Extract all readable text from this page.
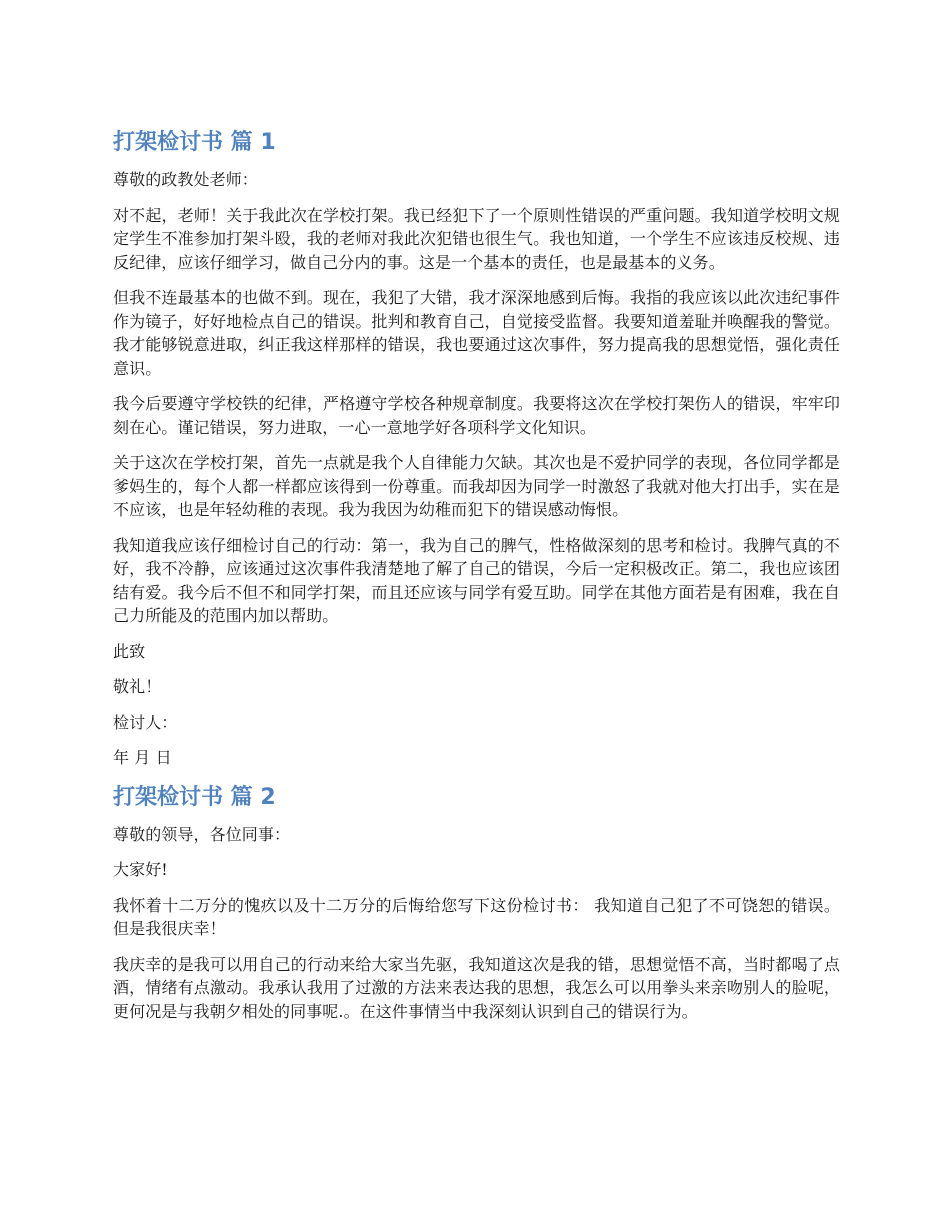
打架检讨书 篇 1

尊敬的政教处老师：

对不起，老师！关于我此次在学校打架。我已经犯下了一个原则性错误的严重问题。我知道学校明文规定学生不准参加打架斗殴，我的老师对我此次犯错也很生气。我也知道，一个学生不应该违反校规、违反纪律，应该仔细学习，做自己分内的事。这是一个基本的责任，也是最基本的义务。

但我不连最基本的也做不到。现在，我犯了大错，我才深深地感到后悔。我指的我应该以此次违纪事件作为镜子，好好地检点自己的错误。批判和教育自己，自觉接受监督。我要知道羞耻并唤醒我的警觉。我才能够锐意进取，纠正我这样那样的错误，我也要通过这次事件，努力提高我的思想觉悟，强化责任意识。

我今后要遵守学校铁的纪律，严格遵守学校各种规章制度。我要将这次在学校打架伤人的错误，牢牢印刻在心。谨记错误，努力进取，一心一意地学好各项科学文化知识。

关于这次在学校打架，首先一点就是我个人自律能力欠缺。其次也是不爱护同学的表现，各位同学都是爹妈生的，每个人都一样都应该得到一份尊重。而我却因为同学一时激怒了我就对他大打出手，实在是不应该，也是年轻幼稚的表现。我为我因为幼稚而犯下的错误感动悔恨。

我知道我应该仔细检讨自己的行动：第一，我为自己的脾气，性格做深刻的思考和检讨。我脾气真的不好，我不冷静，应该通过这次事件我清楚地了解了自己的错误，今后一定积极改正。第二，我也应该团结有爱。我今后不但不和同学打架，而且还应该与同学有爱互助。同学在其他方面若是有困难，我在自己力所能及的范围内加以帮助。

此致

敬礼！

检讨人：

年 月 日

打架检讨书 篇 2

尊敬的领导，各位同事：

大家好!

我怀着十二万分的愧疚以及十二万分的后悔给您写下这份检讨书： 我知道自己犯了不可饶恕的错误。但是我很庆幸！

我庆幸的是我可以用自己的行动来给大家当先驱，我知道这次是我的错，思想觉悟不高，当时都喝了点酒，情绪有点激动。我承认我用了过激的方法来表达我的思想，我怎么可以用拳头来亲吻别人的脸呢，更何况是与我朝夕相处的同事呢.。在这件事情当中我深刻认识到自己的错误行为。
